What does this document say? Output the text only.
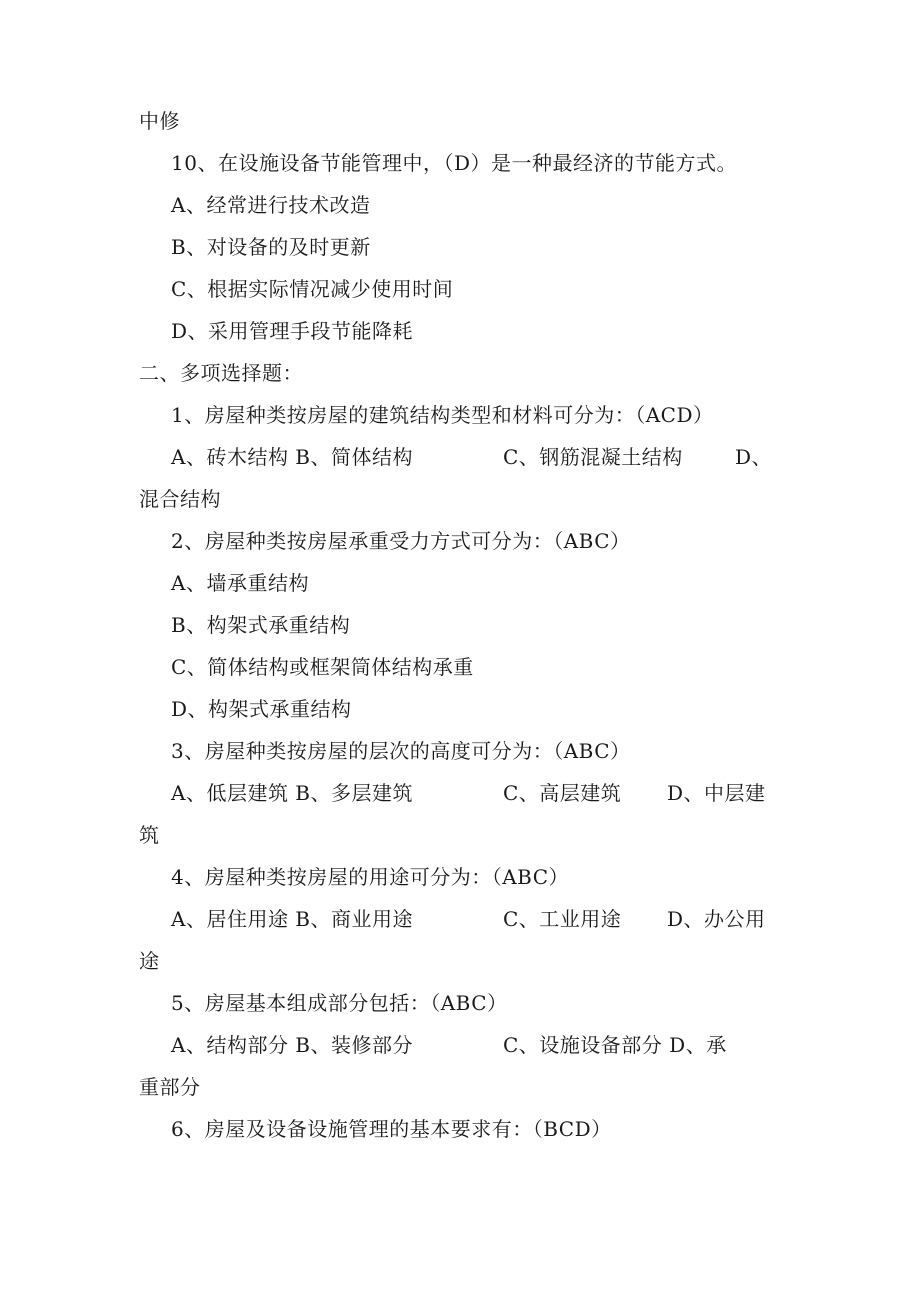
中修
10、在设施设备节能管理中，（D）是一种最经济的节能方式。
A、经常进行技术改造
B、对设备的及时更新
C、根据实际情况减少使用时间
D、采用管理手段节能降耗
二、多项选择题：
1、房屋种类按房屋的建筑结构类型和材料可分为：（ACD）
A、砖木结构 B、简体结构	C、钢筋混凝土结构	D、
混合结构
2、房屋种类按房屋承重受力方式可分为：（ABC）
A、墙承重结构
B、构架式承重结构
C、简体结构或框架筒体结构承重
D、构架式承重结构
3、房屋种类按房屋的层次的高度可分为：（ABC）
A、低层建筑 B、多层建筑	C、高层建筑 D、中层建
筑
4、房屋种类按房屋的用途可分为：（ABC）
A、居住用途 B、商业用途	C、工业用途 D、办公用
途
5、房屋基本组成部分包括：（ABC）
A、结构部分 B、装修部分	C、设施设备部分 D、承
重部分
6、房屋及设备设施管理的基本要求有：（BCD）
